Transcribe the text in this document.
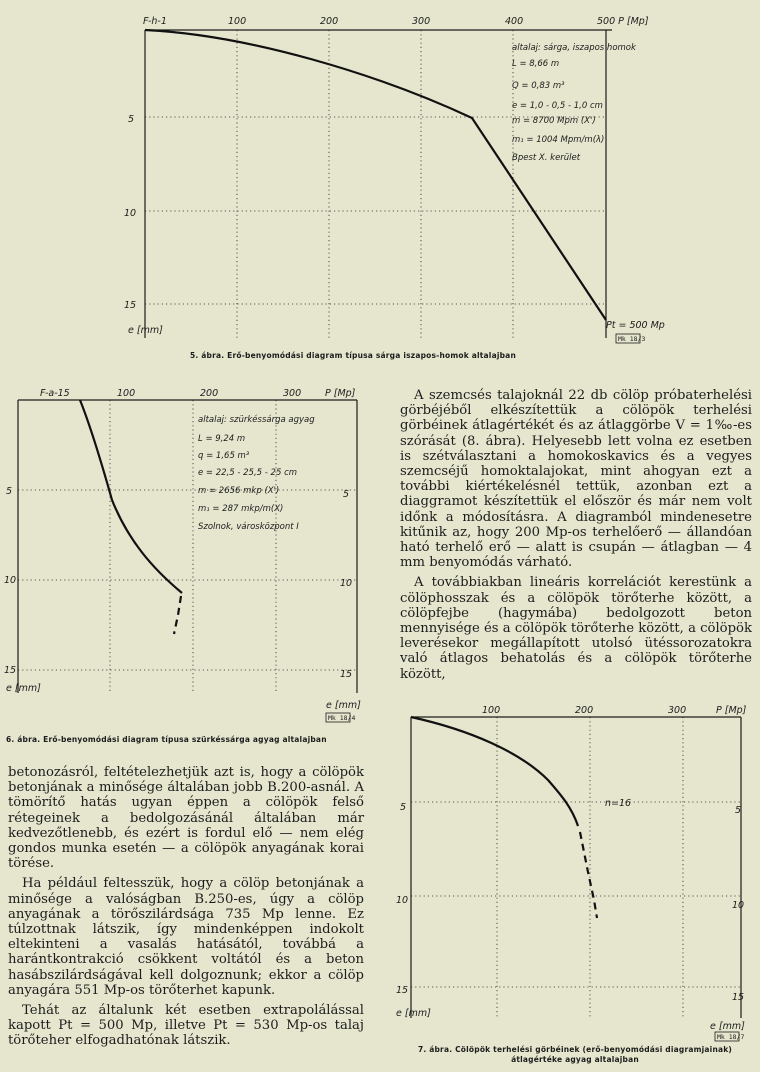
F-h-1	100	200	300	400	500 P [Mp]
5
10
15
e [mm]
altalaj: sárga, iszapos homok
L = 8,66 m
Q = 0,83 m³
e = 1,0 - 0,5 - 1,0 cm
m = 8700 Mpm (X')
m₁ = 1004 Mpm/m(λ)
Bpest X. kerület
Pt = 500 Mp
Mk 18/3
5. ábra. Erő-benyomódási diagram típusa sárga iszapos-homok altalajban
F-a-15	100	200	300	P [Mp]
5
10
15
5
10
15
e [mm]
e [mm]
altalaj: szürkéssárga agyag
L = 9,24 m
q = 1,65 m³
e = 22,5 - 25,5 - 25 cm
m = 2656 mkp (X')
m₁ = 287 mkp/m(X)
Szolnok, városközpont I
Mk 18/4
6. ábra. Erő-benyomódási diagram típusa szürkéssárga agyag altalajban
100	200	300	P [Mp]
5
10
15
5
10
15
e [mm]
e [mm]
n=16
Mk 18/7
7. ábra. Cölöpök terhelési görbéinek (erő-benyomódási diagramjainak)
átlagértéke agyag altalajban

A szemcsés talajoknál 22 db cölöp próbaterhelési görbéjéből elkészítettük a cölöpök terhelési görbéinek átlagértékét és az átlaggörbe V = 1‰-es szórását (8. ábra). Helyesebb lett volna ez esetben is szétválasztani a homokoskavics és a vegyes szemcséjű homoktalajokat, mint ahogyan ezt a további kiértékelésnél tettük, azonban ezt a diaggramot készítettük el először és már nem volt időnk a módosításra. A diagramból mindenesetre kitűnik az, hogy 200 Mp-os terhelőerő — állandóan ható terhelő erő — alatt is csupán — átlagban — 4 mm benyomódás várható.

A továbbiakban lineáris korrelációt kerestünk a cölöphosszak és a cölöpök törőterhe között, a cölöpfejbe (hagymába) bedolgozott beton mennyisége és a cölöpök törőterhe között, a cölöpök leverésekor megállapított utolsó ütéssorozatokra való átlagos behatolás és a cölöpök törőterhe között,

betonozásról, feltételezhetjük azt is, hogy a cölöpök betonjának a minősége általában jobb B.200-asnál. A tömörítő hatás ugyan éppen a cölöpök felső rétegeinek a bedolgozásánál általában már kedvezőtlenebb, és ezért is fordul elő — nem elég gondos munka esetén — a cölöpök anyagának korai törése.

Ha például feltesszük, hogy a cölöp betonjának a minősége a valóságban B.250-es, úgy a cölöp anyagának a törőszilárdsága 735 Mp lenne. Ez túlzottnak látszik, így mindenképpen indokolt eltekinteni a vasalás hatásától, továbbá a harántkontrakció csökkent voltától és a beton hasábszilárdságával kell dolgoznunk; ekkor a cölöp anyagára 551 Mp-os törőterhet kapunk.

Tehát az általunk két esetben extrapolálással kapott Pt = 500 Mp, illetve Pt = 530 Mp-os talaj törőteher elfogadhatónak látszik.
